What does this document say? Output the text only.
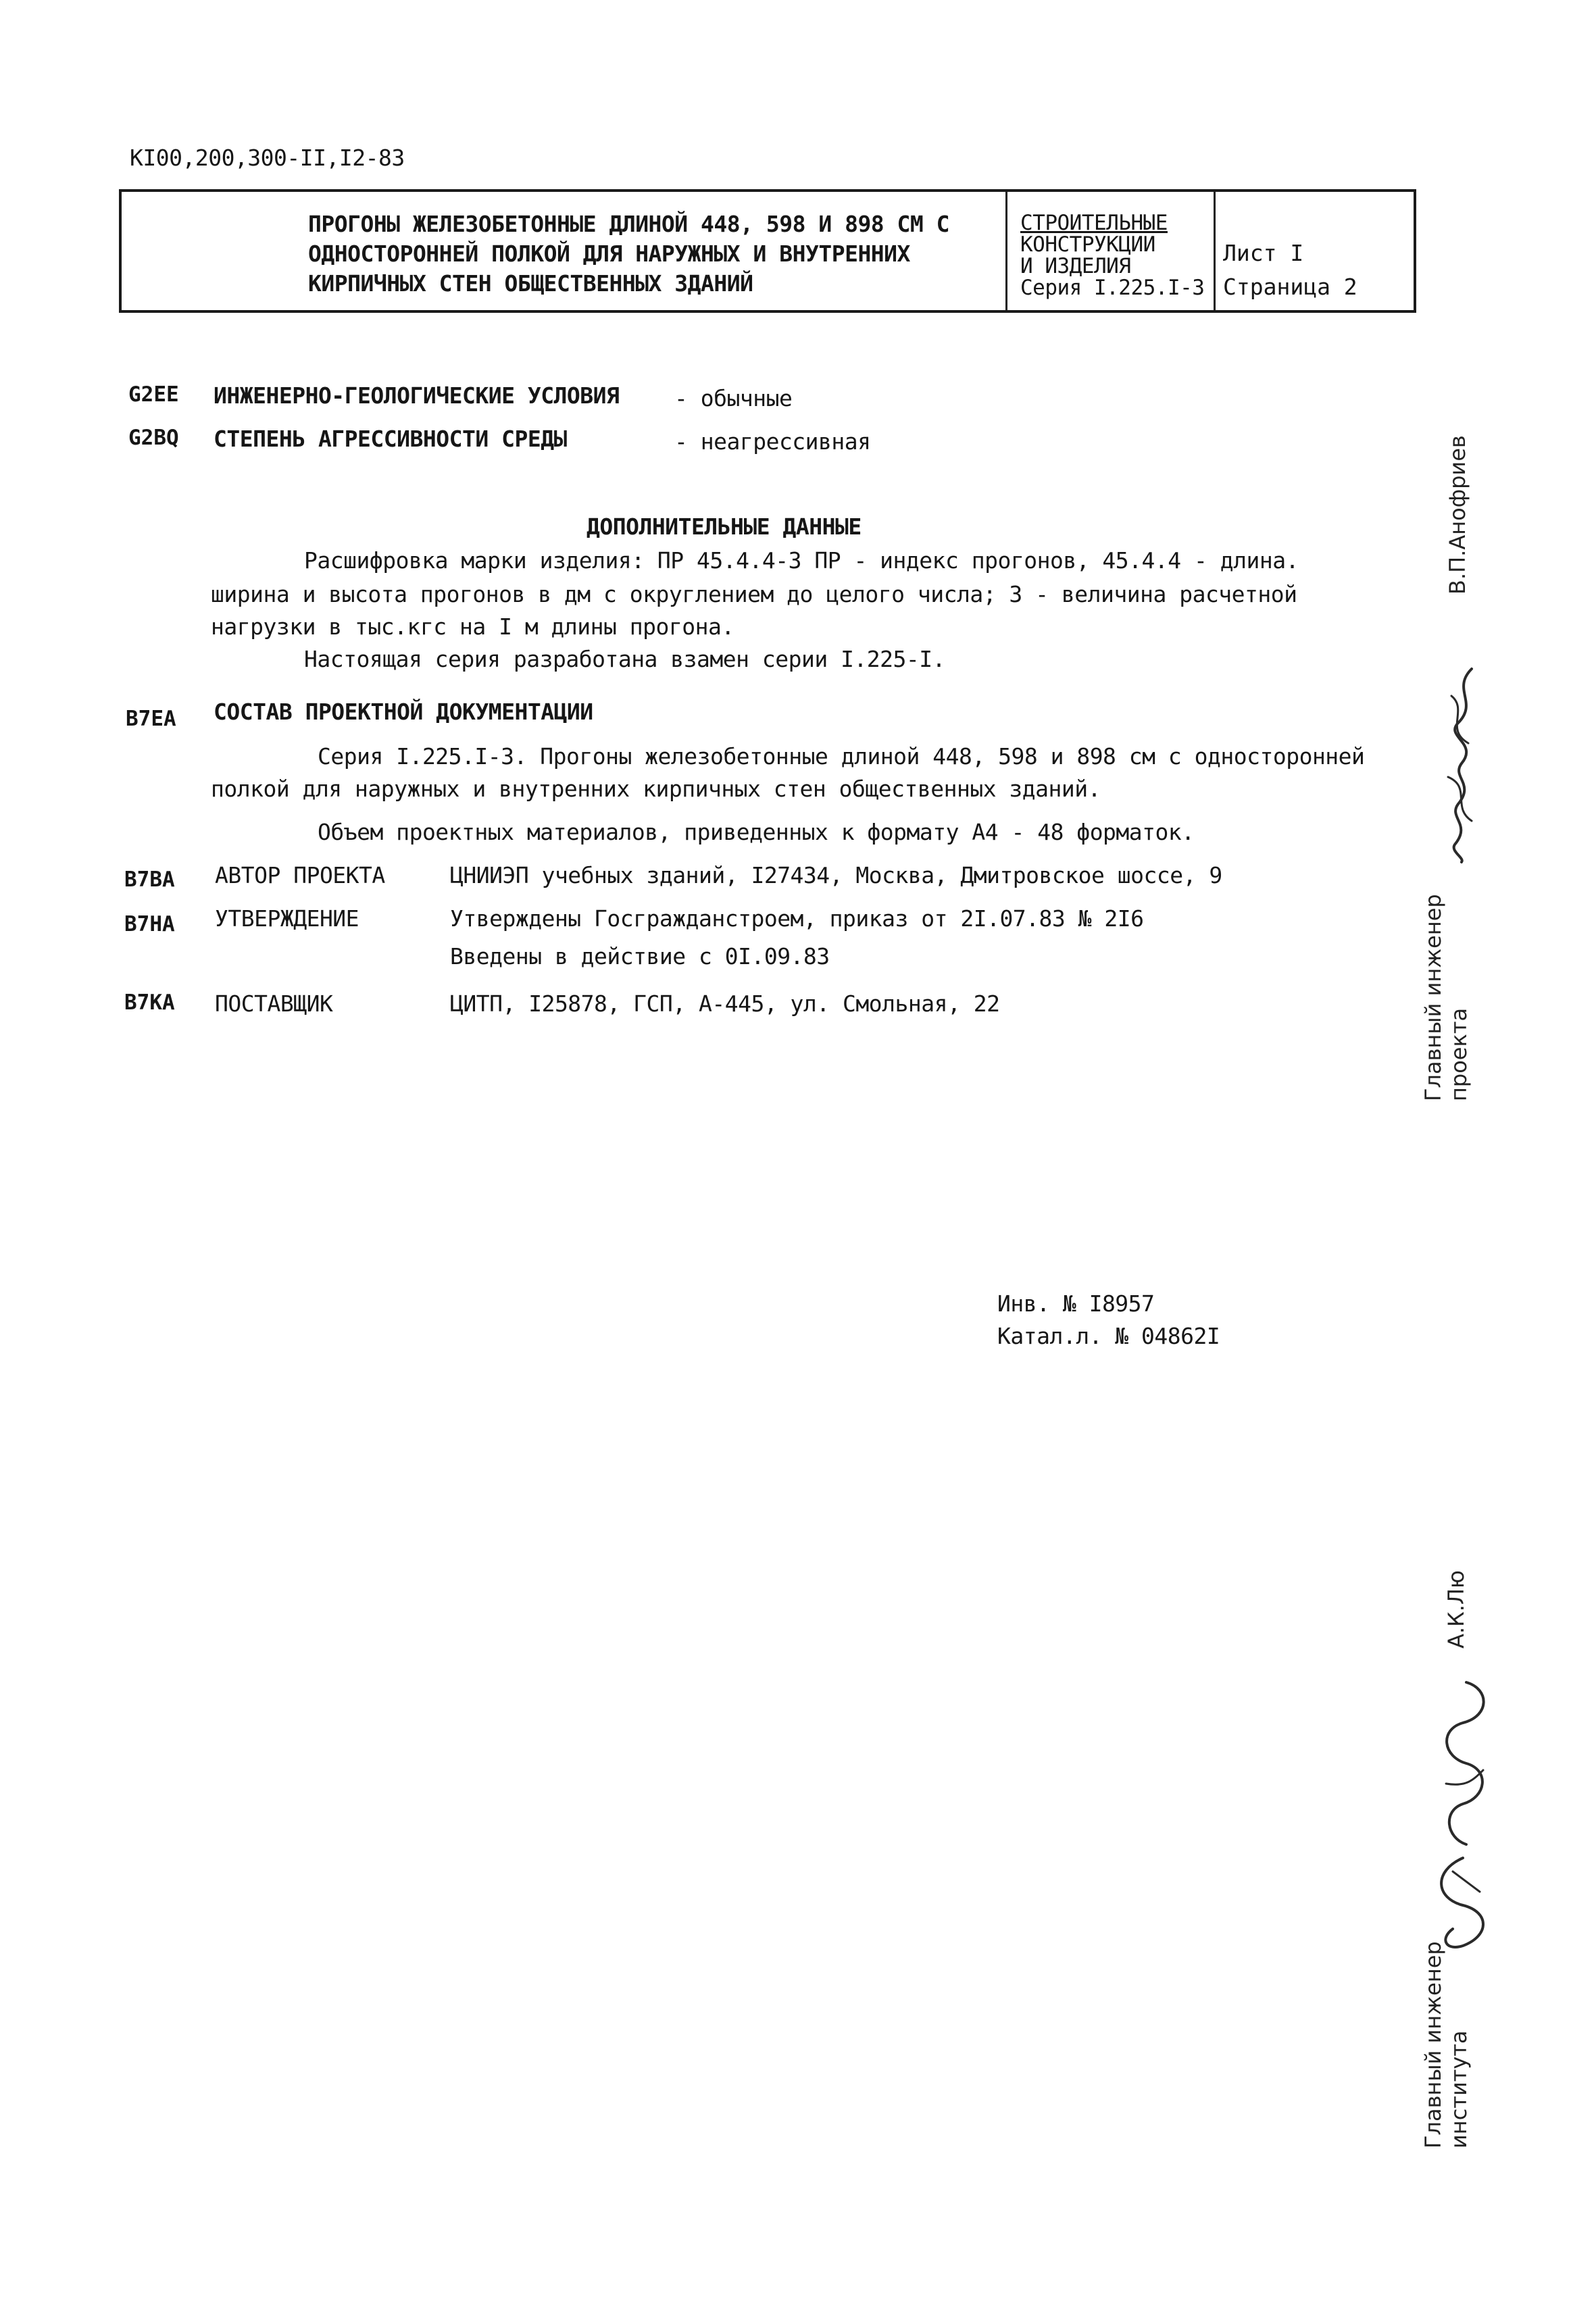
КI00,200,300-II,I2-83
ПРОГОНЫ ЖЕЛЕЗОБЕТОННЫЕ ДЛИНОЙ 448, 598 И 898 СМ С
ОДНОСТОРОННЕЙ ПОЛКОЙ ДЛЯ НАРУЖНЫХ И ВНУТРЕННИХ
КИРПИЧНЫХ СТЕН ОБЩЕСТВЕННЫХ ЗДАНИЙ
СТРОИТЕЛЬНЫЕ
КОНСТРУКЦИИ
И ИЗДЕЛИЯ
Серия I.225.I-3
Лист I
Страница 2
G2EE ИНЖЕНЕРНО-ГЕОЛОГИЧЕСКИЕ УСЛОВИЯ - обычные
G2BQ СТЕПЕНЬ АГРЕССИВНОСТИ СРЕДЫ	- неагрессивная
ДОПОЛНИТЕЛЬНЫЕ ДАННЫЕ
Расшифровка марки изделия: ПР 45.4.4-3 ПР - индекс прогонов, 45.4.4 - длина.
ширина и высота прогонов в дм с округлением до целого числа; 3 - величина расчетной
нагрузки в тыс.кгс на I м длины прогона.
Настоящая серия разработана взамен серии I.225-I.
B7EA СОСТАВ ПРОЕКТНОЙ ДОКУМЕНТАЦИИ
Серия I.225.I-3. Прогоны железобетонные длиной 448, 598 и 898 см с односторонней
полкой для наружных и внутренних кирпичных стен общественных зданий.
Объем проектных материалов, приведенных к формату А4 - 48 форматок.
B7BA АВТОР ПРОЕКТА	ЦНИИЭП учебных зданий, I27434, Москва, Дмитровское шоссе, 9
B7HA УТВЕРЖДЕНИЕ	Утверждены Госгражданстроем, приказ от 2I.07.83 № 2I6
Введены в действие с 0I.09.83
B7KA ПОСТАВЩИК	ЦИТП, I25878, ГСП, А-445, ул. Смольная, 22
Инв. № I8957
Катал.л. № 04862I
В.П.Анофриев
Главный инженер проекта
А.К.Лю
Главный инженер института
